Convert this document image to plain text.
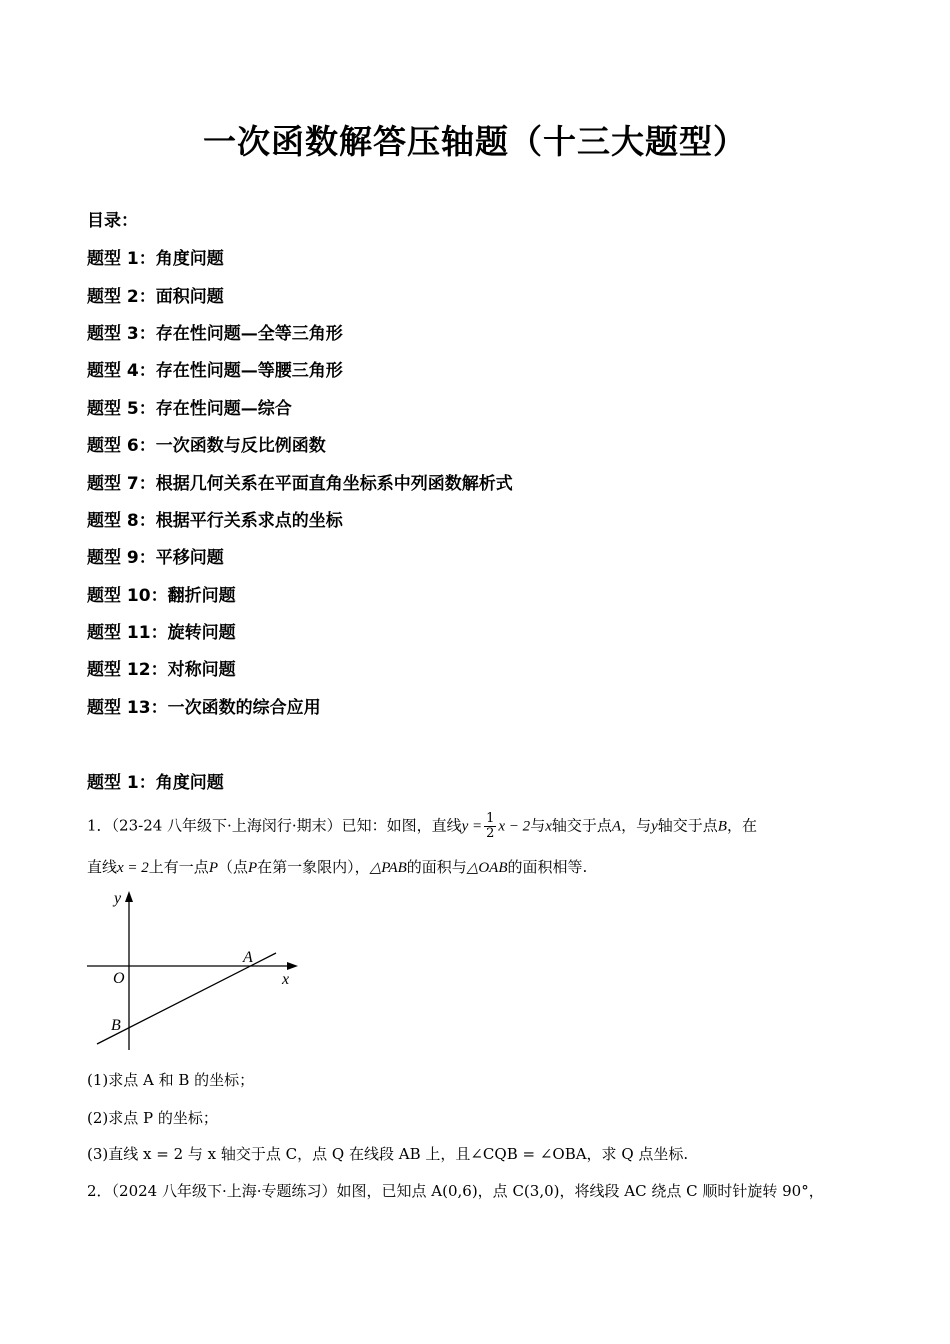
一次函数解答压轴题（十三大题型）
目录：
题型 1：角度问题
题型 2：面积问题
题型 3：存在性问题—全等三角形
题型 4：存在性问题—等腰三角形
题型 5：存在性问题—综合
题型 6：一次函数与反比例函数
题型 7：根据几何关系在平面直角坐标系中列函数解析式
题型 8：根据平行关系求点的坐标
题型 9：平移问题
题型 10：翻折问题
题型 11：旋转问题
题型 12：对称问题
题型 13：一次函数的综合应用
题型 1：角度问题
1．（23-24 八年级下·上海闵行·期末）已知：如图，直线$y = \frac{1}{2}$ x − 2与x轴交于点A，与y轴交于点B，在
直线x = 2上有一点P（点P在第一象限内），△PAB的面积与△OAB的面积相等.
y
x
O
A
B
(1)求点 A 和 B 的坐标；
(2)求点 P 的坐标；
(3)直线 x = 2 与 x 轴交于点 C，点 Q 在线段 AB 上，且∠CQB = ∠OBA，求 Q 点坐标.
2．（2024 八年级下·上海·专题练习）如图，已知点 A(0,6)，点 C(3,0)，将线段 AC 绕点 C 顺时针旋转 90°，
